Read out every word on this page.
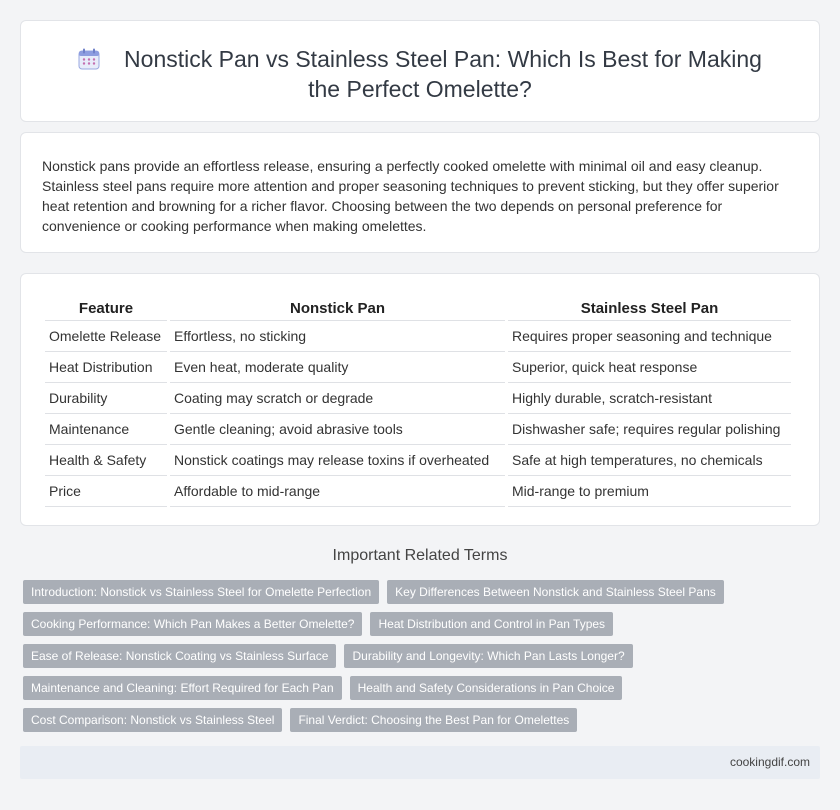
Nonstick Pan vs Stainless Steel Pan: Which Is Best for Making the Perfect Omelette?

Nonstick pans provide an effortless release, ensuring a perfectly cooked omelette with minimal oil and easy cleanup. Stainless steel pans require more attention and proper seasoning techniques to prevent sticking, but they offer superior heat retention and browning for a richer flavor. Choosing between the two depends on personal preference for convenience or cooking performance when making omelettes.

Feature	Nonstick Pan	Stainless Steel Pan
Omelette Release	Effortless, no sticking	Requires proper seasoning and technique
Heat Distribution	Even heat, moderate quality	Superior, quick heat response
Durability	Coating may scratch or degrade	Highly durable, scratch-resistant
Maintenance	Gentle cleaning; avoid abrasive tools	Dishwasher safe; requires regular polishing
Health & Safety	Nonstick coatings may release toxins if overheated	Safe at high temperatures, no chemicals
Price	Affordable to mid-range	Mid-range to premium
Important Related Terms
Introduction: Nonstick vs Stainless Steel for Omelette Perfection	Key Differences Between Nonstick and Stainless Steel Pans
Cooking Performance: Which Pan Makes a Better Omelette?	Heat Distribution and Control in Pan Types
Ease of Release: Nonstick Coating vs Stainless Surface	Durability and Longevity: Which Pan Lasts Longer?
Maintenance and Cleaning: Effort Required for Each Pan	Health and Safety Considerations in Pan Choice
Cost Comparison: Nonstick vs Stainless Steel	Final Verdict: Choosing the Best Pan for Omelettes
cookingdif.com
